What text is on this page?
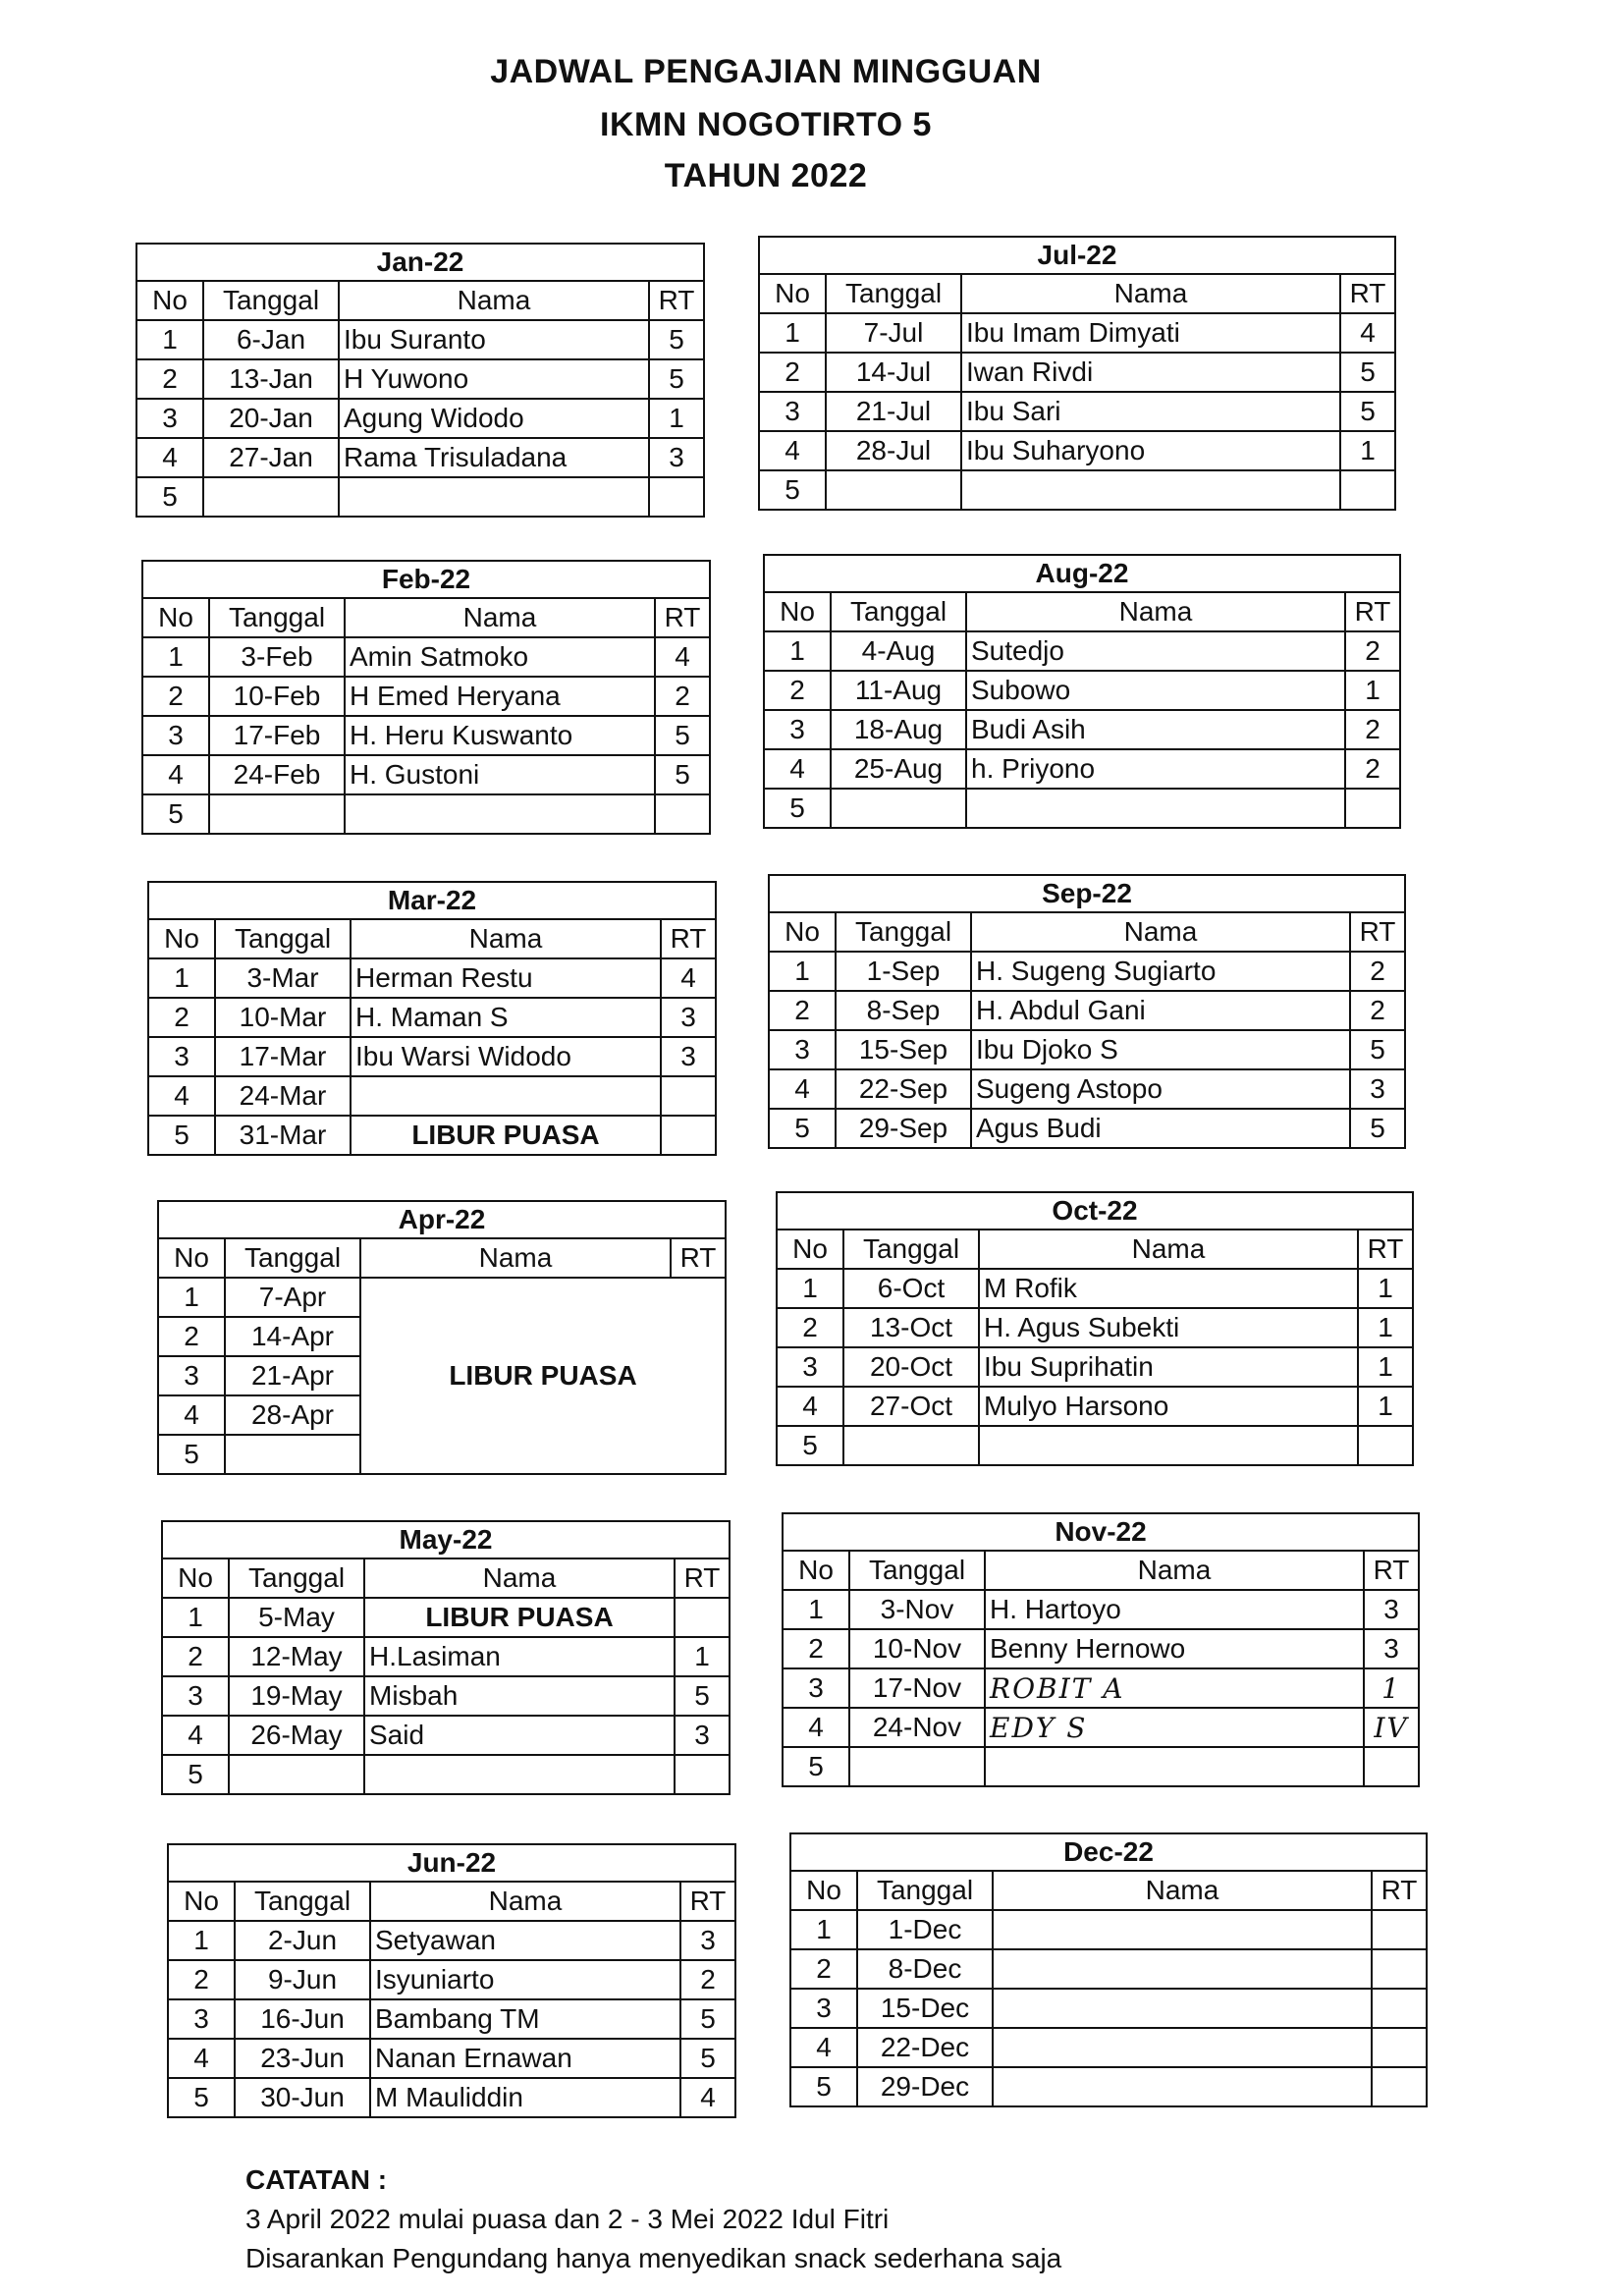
JADWAL PENGAJIAN MINGGUAN
IKMN NOGOTIRTO 5
TAHUN 2022
Jan-22			
No	Tanggal	Nama	RT
1	6-Jan	Ibu Suranto	5
2	13-Jan	H Yuwono	5
3	20-Jan	Agung Widodo	1
4	27-Jan	Rama Trisuladana	3
5			
Feb-22			
No	Tanggal	Nama	RT
1	3-Feb	Amin Satmoko	4
2	10-Feb	H Emed Heryana	2
3	17-Feb	H. Heru Kuswanto	5
4	24-Feb	H. Gustoni	5
5			
Mar-22			
No	Tanggal	Nama	RT
1	3-Mar	Herman Restu	4
2	10-Mar	H. Maman S	3
3	17-Mar	Ibu Warsi Widodo	3
4	24-Mar		
5	31-Mar	LIBUR PUASA	
Apr-22			
No	Tanggal	Nama	RT
1	7-Apr	LIBUR PUASA	
2	14-Apr		
3	21-Apr		
4	28-Apr		
5			
May-22			
No	Tanggal	Nama	RT
1	5-May	LIBUR PUASA	
2	12-May	H.Lasiman	1
3	19-May	Misbah	5
4	26-May	Said	3
5			
Jun-22			
No	Tanggal	Nama	RT
1	2-Jun	Setyawan	3
2	9-Jun	Isyuniarto	2
3	16-Jun	Bambang TM	5
4	23-Jun	Nanan Ernawan	5
5	30-Jun	M Mauliddin	4
Jul-22			
No	Tanggal	Nama	RT
1	7-Jul	Ibu Imam Dimyati	4
2	14-Jul	Iwan Rivdi	5
3	21-Jul	Ibu Sari	5
4	28-Jul	Ibu Suharyono	1
5			
Aug-22			
No	Tanggal	Nama	RT
1	4-Aug	Sutedjo	2
2	11-Aug	Subowo	1
3	18-Aug	Budi Asih	2
4	25-Aug	h. Priyono	2
5			
Sep-22			
No	Tanggal	Nama	RT
1	1-Sep	H. Sugeng Sugiarto	2
2	8-Sep	H. Abdul Gani	2
3	15-Sep	Ibu Djoko S	5
4	22-Sep	Sugeng Astopo	3
5	29-Sep	Agus Budi	5
Oct-22			
No	Tanggal	Nama	RT
1	6-Oct	M Rofik	1
2	13-Oct	H. Agus Subekti	1
3	20-Oct	Ibu Suprihatin	1
4	27-Oct	Mulyo Harsono	1
5			
Nov-22			
No	Tanggal	Nama	RT
1	3-Nov	H. Hartoyo	3
2	10-Nov	Benny Hernowo	3
3	17-Nov	ROBIT A	1
4	24-Nov	EDY S	IV
5			
Dec-22			
No	Tanggal	Nama	RT
1	1-Dec		
2	8-Dec		
3	15-Dec		
4	22-Dec		
5	29-Dec		
CATATAN :
3 April 2022 mulai puasa dan 2 - 3 Mei 2022 Idul Fitri
Disarankan Pengundang hanya menyedikan snack sederhana saja
